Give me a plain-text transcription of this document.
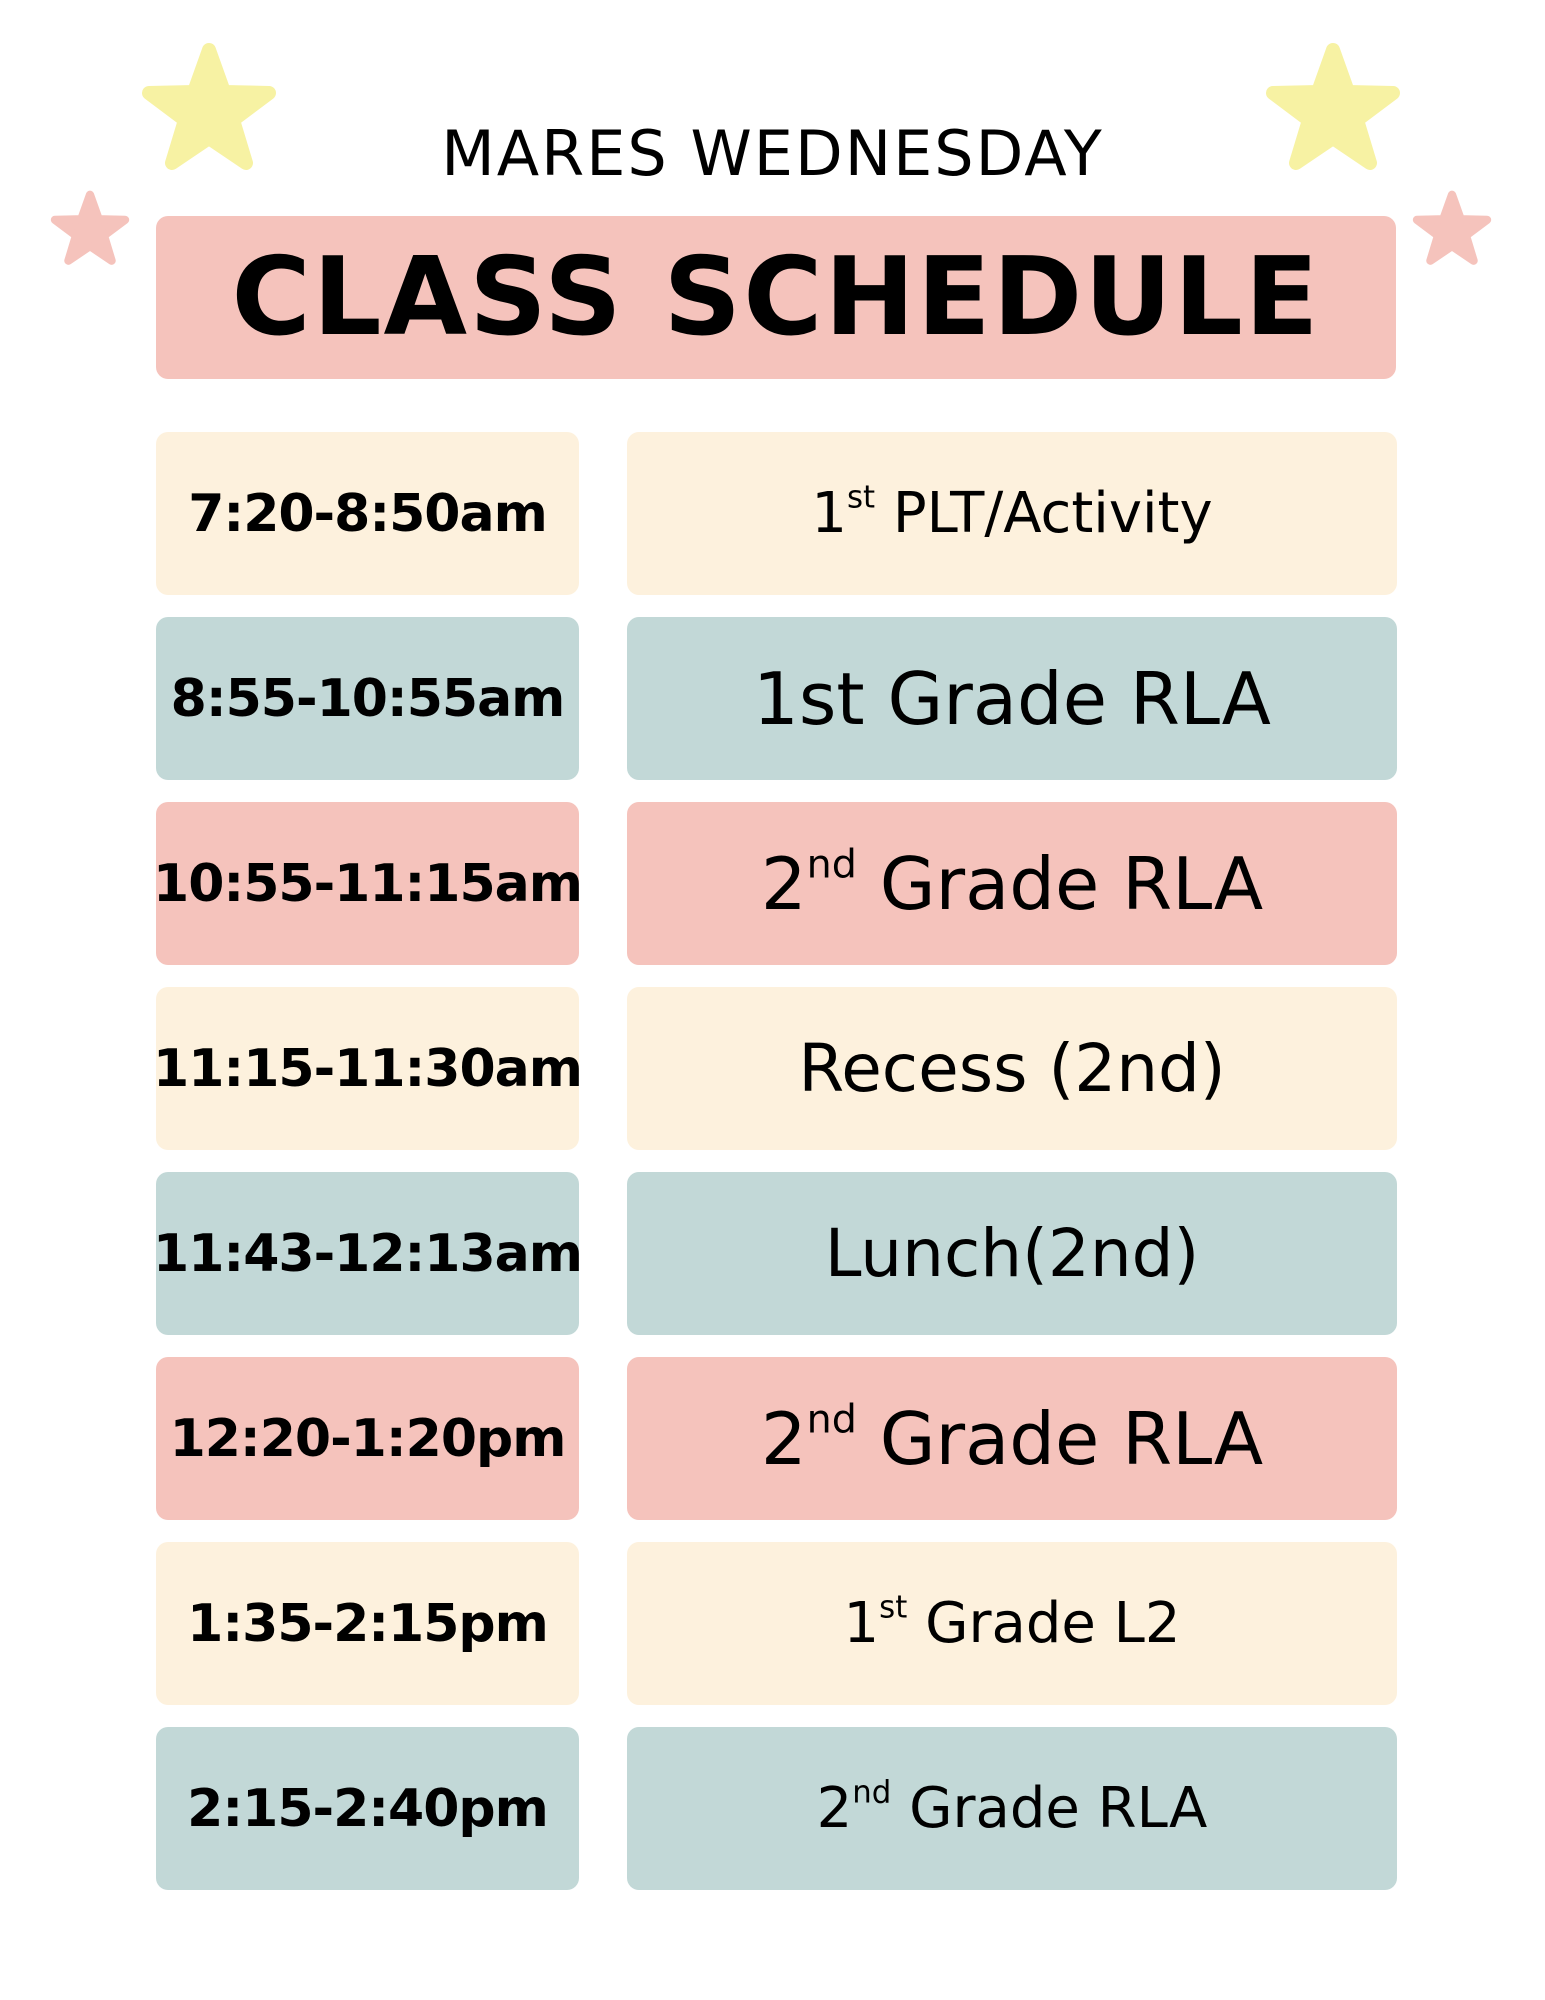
MARES WEDNESDAY
CLASS SCHEDULE
7:20-8:50am	1st PLT/Activity
8:55-10:55am	1st Grade RLA
10:55-11:15am 2nd Grade RLA
11:15-11:30am	Recess (2nd)
11:43-12:13am	Lunch(2nd)
12:20-1:20pm	2nd Grade RLA
1:35-2:15pm	1st Grade L2
2:15-2:40pm	2nd Grade RLA
